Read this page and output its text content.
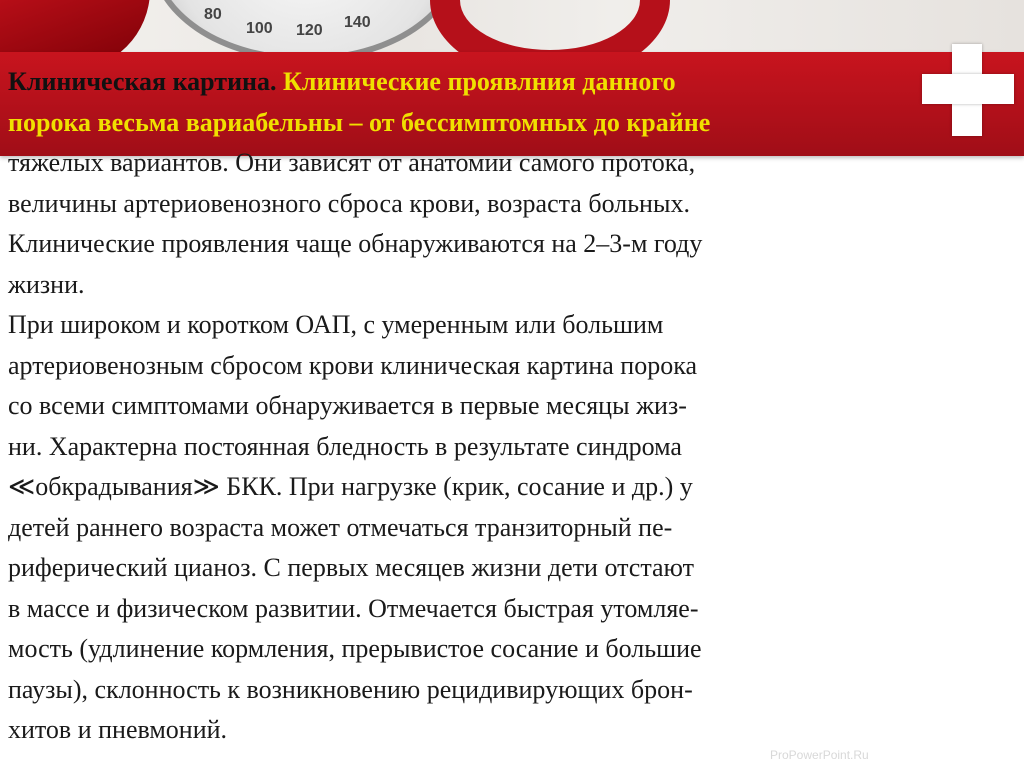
80
100 120 140

Клиническая картина. Клинические проявлния данного

порока весьма вариабельны – от бессимптомных до крайне

тяжелых вариантов. Они зависят от анатомии самого протока,
величины артериовенозного сброса крови, возраста больных.
Клинические проявления чаще обнаруживаются на 2–3-м году
жизни.

При широком и коротком ОАП, с умеренным или большим
артериовенозным сбросом крови клиническая картина порока
со всеми симптомами обнаруживается в первые месяцы жиз-
ни. Характерна постоянная бледность в результате синдрома
≪обкрадывания≫ БКК. При нагрузке (крик, сосание и др.) у
детей раннего возраста может отмечаться транзиторный пе-
риферический цианоз. С первых месяцев жизни дети отстают
в массе и физическом развитии. Отмечается быстрая утомляе-
мость (удлинение кормления, прерывистое сосание и большие
паузы), склонность к возникновению рецидивирующих брон-
хитов и пневмоний.

ProPowerPoint.Ru
